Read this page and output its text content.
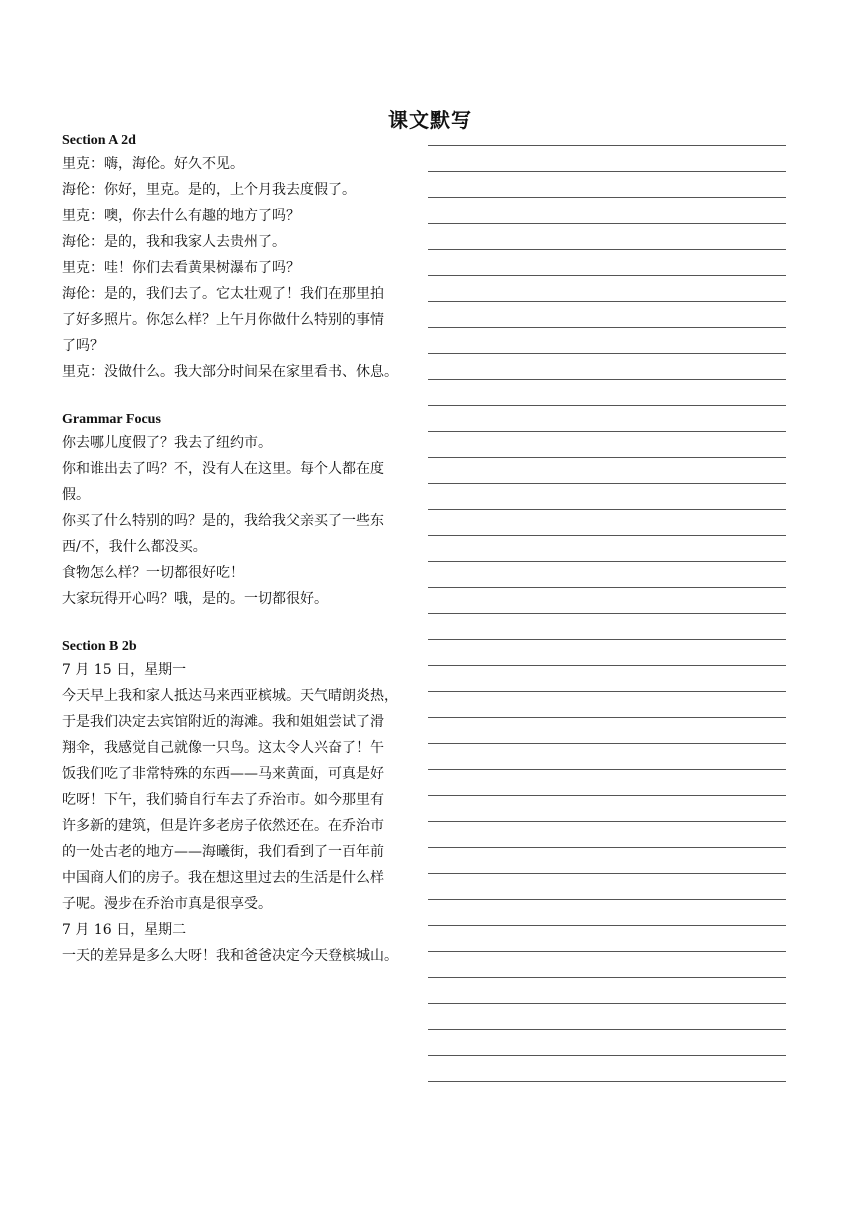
课文默写
Section A 2d
里克：嗨，海伦。好久不见。
海伦：你好，里克。是的，上个月我去度假了。
里克：噢，你去什么有趣的地方了吗？
海伦：是的，我和我家人去贵州了。
里克：哇！你们去看黄果树瀑布了吗？
海伦：是的，我们去了。它太壮观了！我们在那里拍
了好多照片。你怎么样？上午月你做什么特别的事情
了吗？
里克：没做什么。我大部分时间呆在家里看书、休息。
Grammar Focus
你去哪儿度假了？我去了纽约市。
你和谁出去了吗？不，没有人在这里。每个人都在度
假。
你买了什么特别的吗？是的，我给我父亲买了一些东
西/不，我什么都没买。
食物怎么样？一切都很好吃！
大家玩得开心吗？哦，是的。一切都很好。
Section B 2b
7 月 15 日，星期一
今天早上我和家人抵达马来西亚槟城。天气晴朗炎热，
于是我们决定去宾馆附近的海滩。我和姐姐尝试了滑
翔伞，我感觉自己就像一只鸟。这太令人兴奋了！午
饭我们吃了非常特殊的东西——马来黄面，可真是好
吃呀！下午，我们骑自行车去了乔治市。如今那里有
许多新的建筑，但是许多老房子依然还在。在乔治市
的一处古老的地方——海曦街，我们看到了一百年前
中国商人们的房子。我在想这里过去的生活是什么样
子呢。漫步在乔治市真是很享受。
7 月 16 日，星期二
一天的差异是多么大呀！我和爸爸决定今天登槟城山。
